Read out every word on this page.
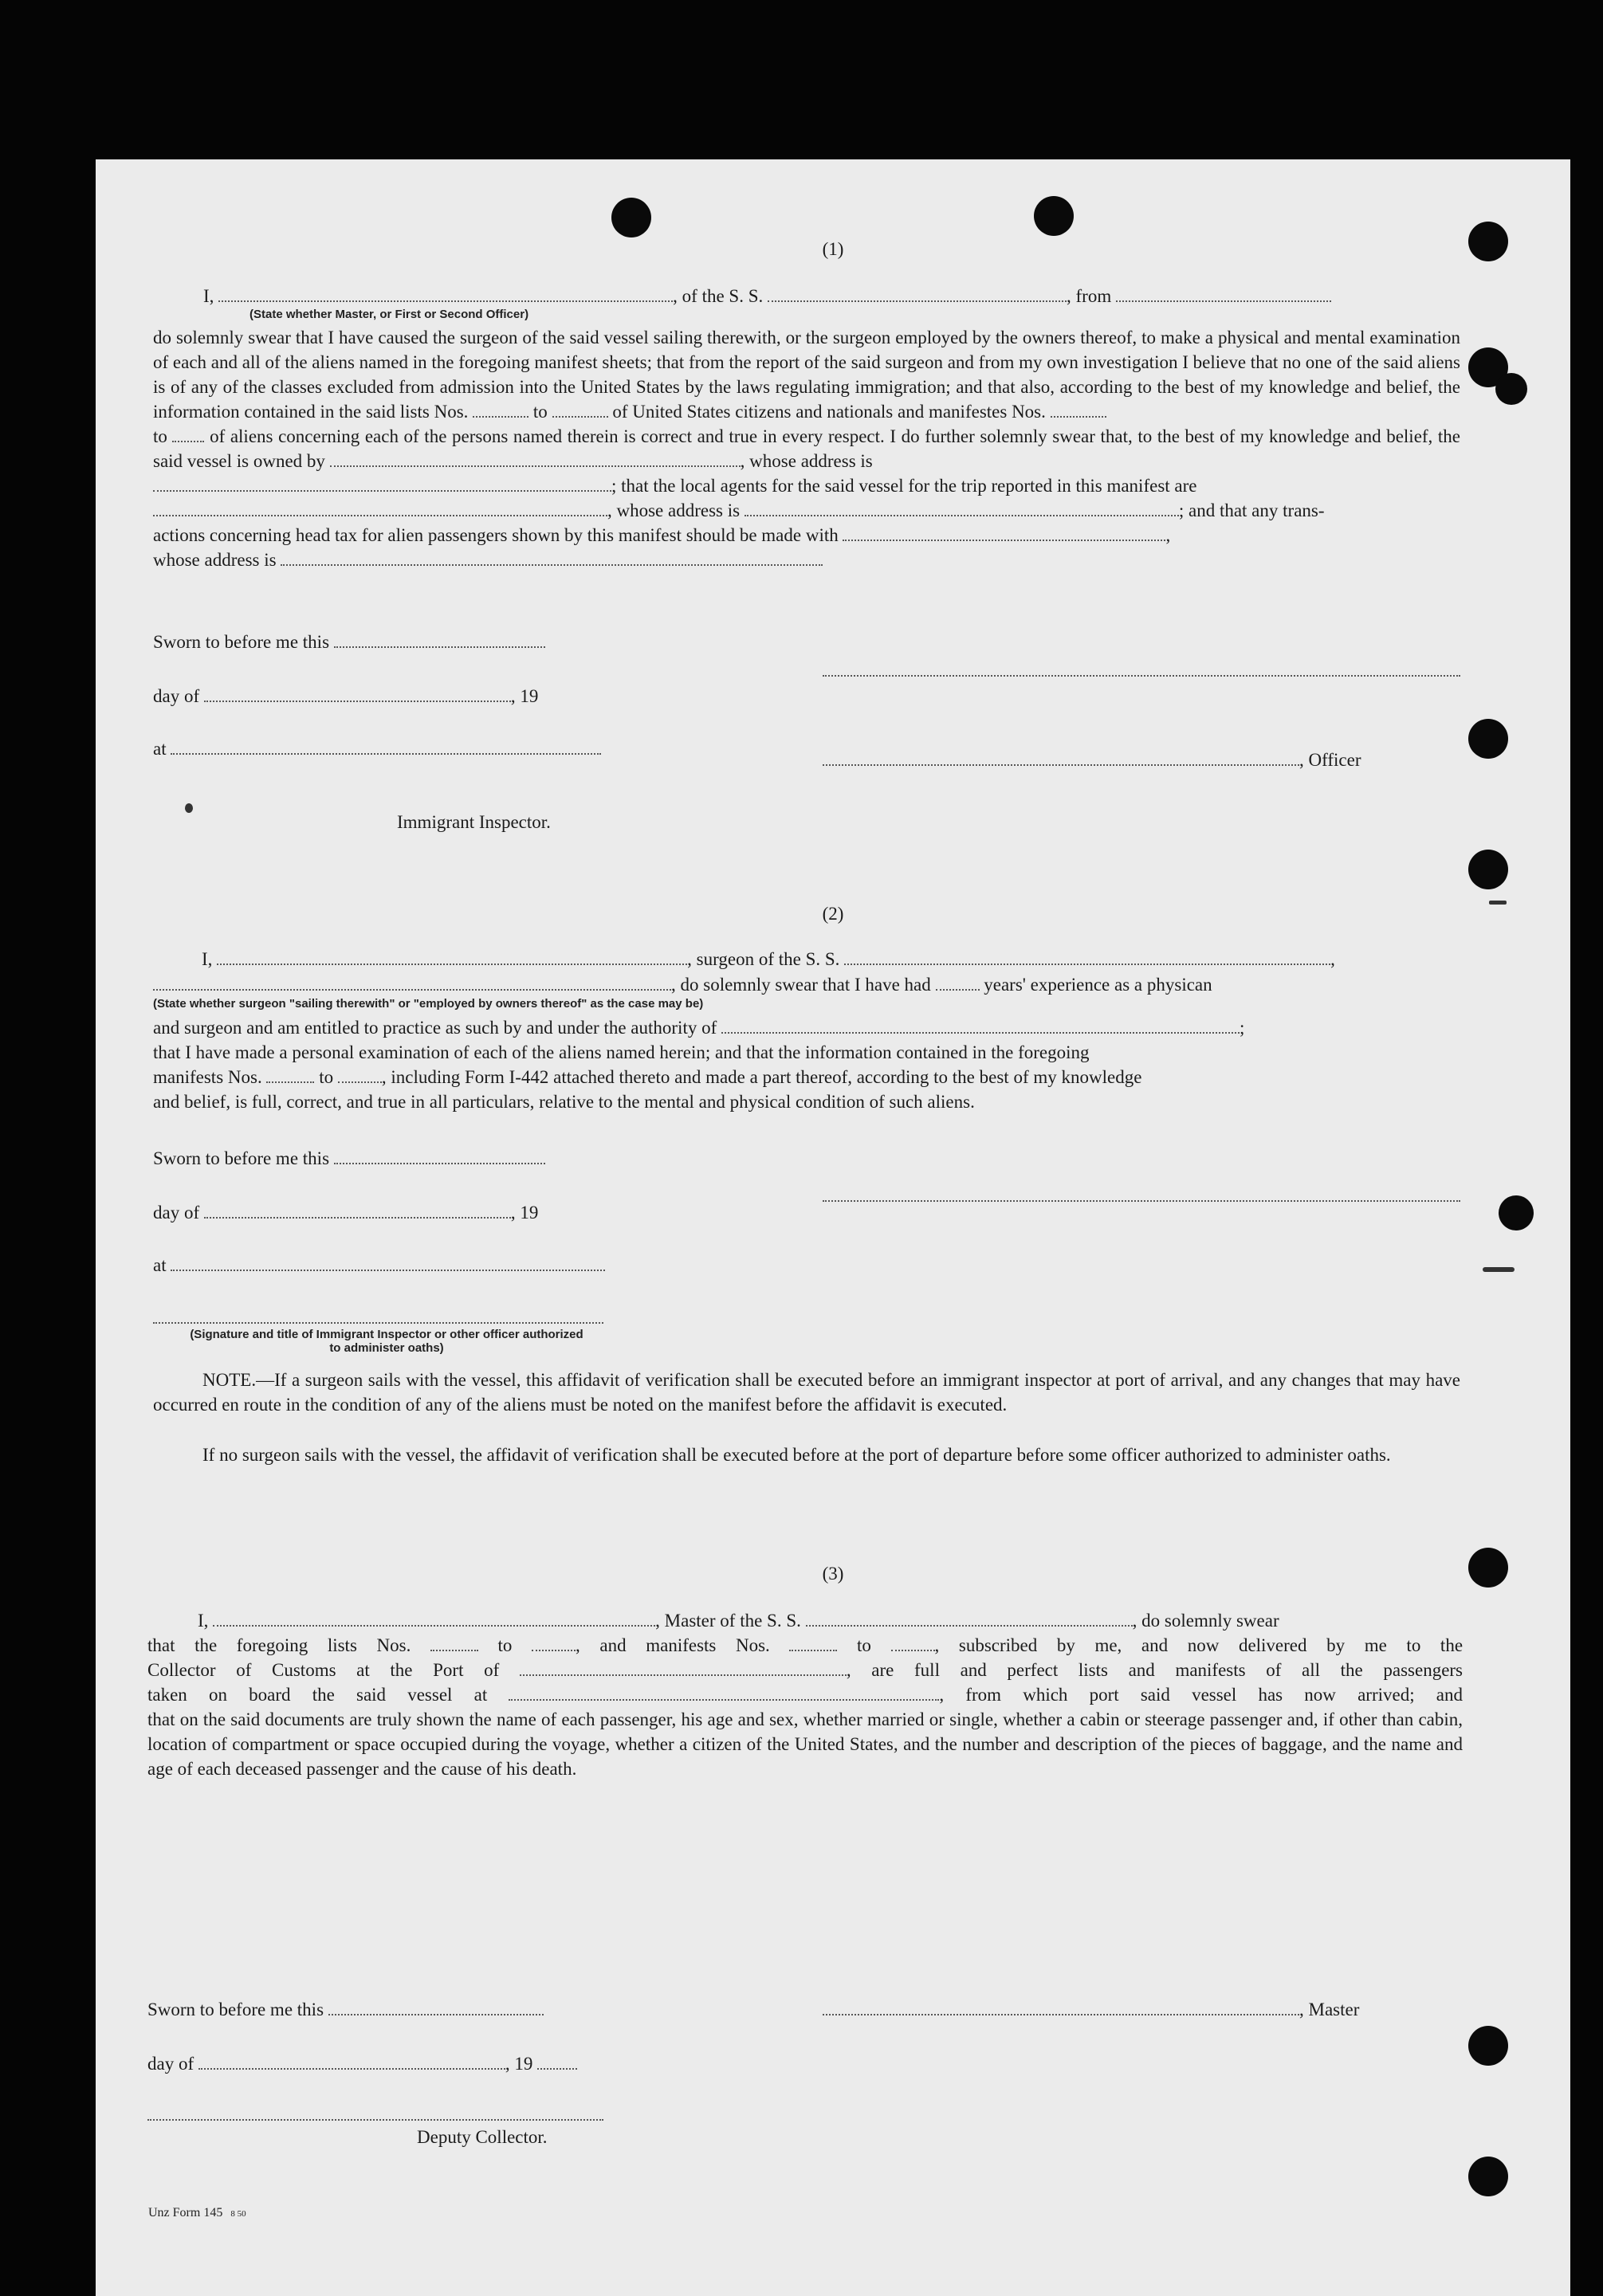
(1)
I,	, of the S. S.	, from
(State whether Master, or First or Second Officer)
do solemnly swear that I have caused the surgeon of the said vessel sailing therewith, or the surgeon employed by the owners thereof, to make a physical and mental examination of each and all of the aliens named in the foregoing manifest sheets; that from the report of the said surgeon and from my own investigation I believe that no one of the said aliens is of any of the classes excluded from admission into the United States by the laws regulating immigration; and that also, according to the best of my knowledge and belief, the information contained in the said lists Nos.	to	of United States citizens and nationals and manifestes Nos.
to of aliens concerning each of the persons named therein is correct and true in every respect. I do further solemnly swear that, to the best of my knowledge and belief, the said vessel is owned by	, whose address is
; that the local agents for the said vessel for the trip reported in this manifest are
, whose address is	; and that any trans-
actions concerning head tax for alien passengers shown by this manifest should be made with	,
whose address is
Sworn to before me this
day of	, 19
at
, Officer
Immigrant Inspector.
(2)
I,	, surgeon of the S. S.	,
, do solemnly swear that I have had	years' experience as a physican
(State whether surgeon "sailing therewith" or "employed by owners thereof" as the case may be)
and surgeon and am entitled to practice as such by and under the authority of	;
that I have made a personal examination of each of the aliens named herein; and that the information contained in the foregoing
manifests Nos.	to	, including Form I-442 attached thereto and made a part thereof, according to the best of my knowledge
and belief, is full, correct, and true in all particulars, relative to the mental and physical condition of such aliens.
Sworn to before me this
day of	, 19
at
(Signature and title of Immigrant Inspector or other officer authorized to administer oaths)
NOTE.—If a surgeon sails with the vessel, this affidavit of verification shall be executed before an immigrant inspector at port of arrival, and any changes that may have occurred en route in the condition of any of the aliens must be noted on the manifest before the affidavit is executed.
If no surgeon sails with the vessel, the affidavit of verification shall be executed before at the port of departure before some officer authorized to administer oaths.
(3)
I,	, Master of the S. S.	, do solemnly swear
that the foregoing lists Nos.	to	, and manifests Nos.	to	, subscribed by me, and now delivered by me to the
Collector of Customs at the Port of	, are full and perfect lists and manifests of all the passengers
taken on board the said vessel at	, from which port said vessel has now arrived; and
that on the said documents are truly shown the name of each passenger, his age and sex, whether married or single, whether a cabin or steerage passenger and, if other than cabin, location of compartment or space occupied during the voyage, whether a citizen of the United States, and the number and description of the pieces of baggage, and the name and age of each deceased passenger and the cause of his death.
Sworn to before me this	, Master
day of	, 19
Deputy Collector.
Unz Form 145 8 50
